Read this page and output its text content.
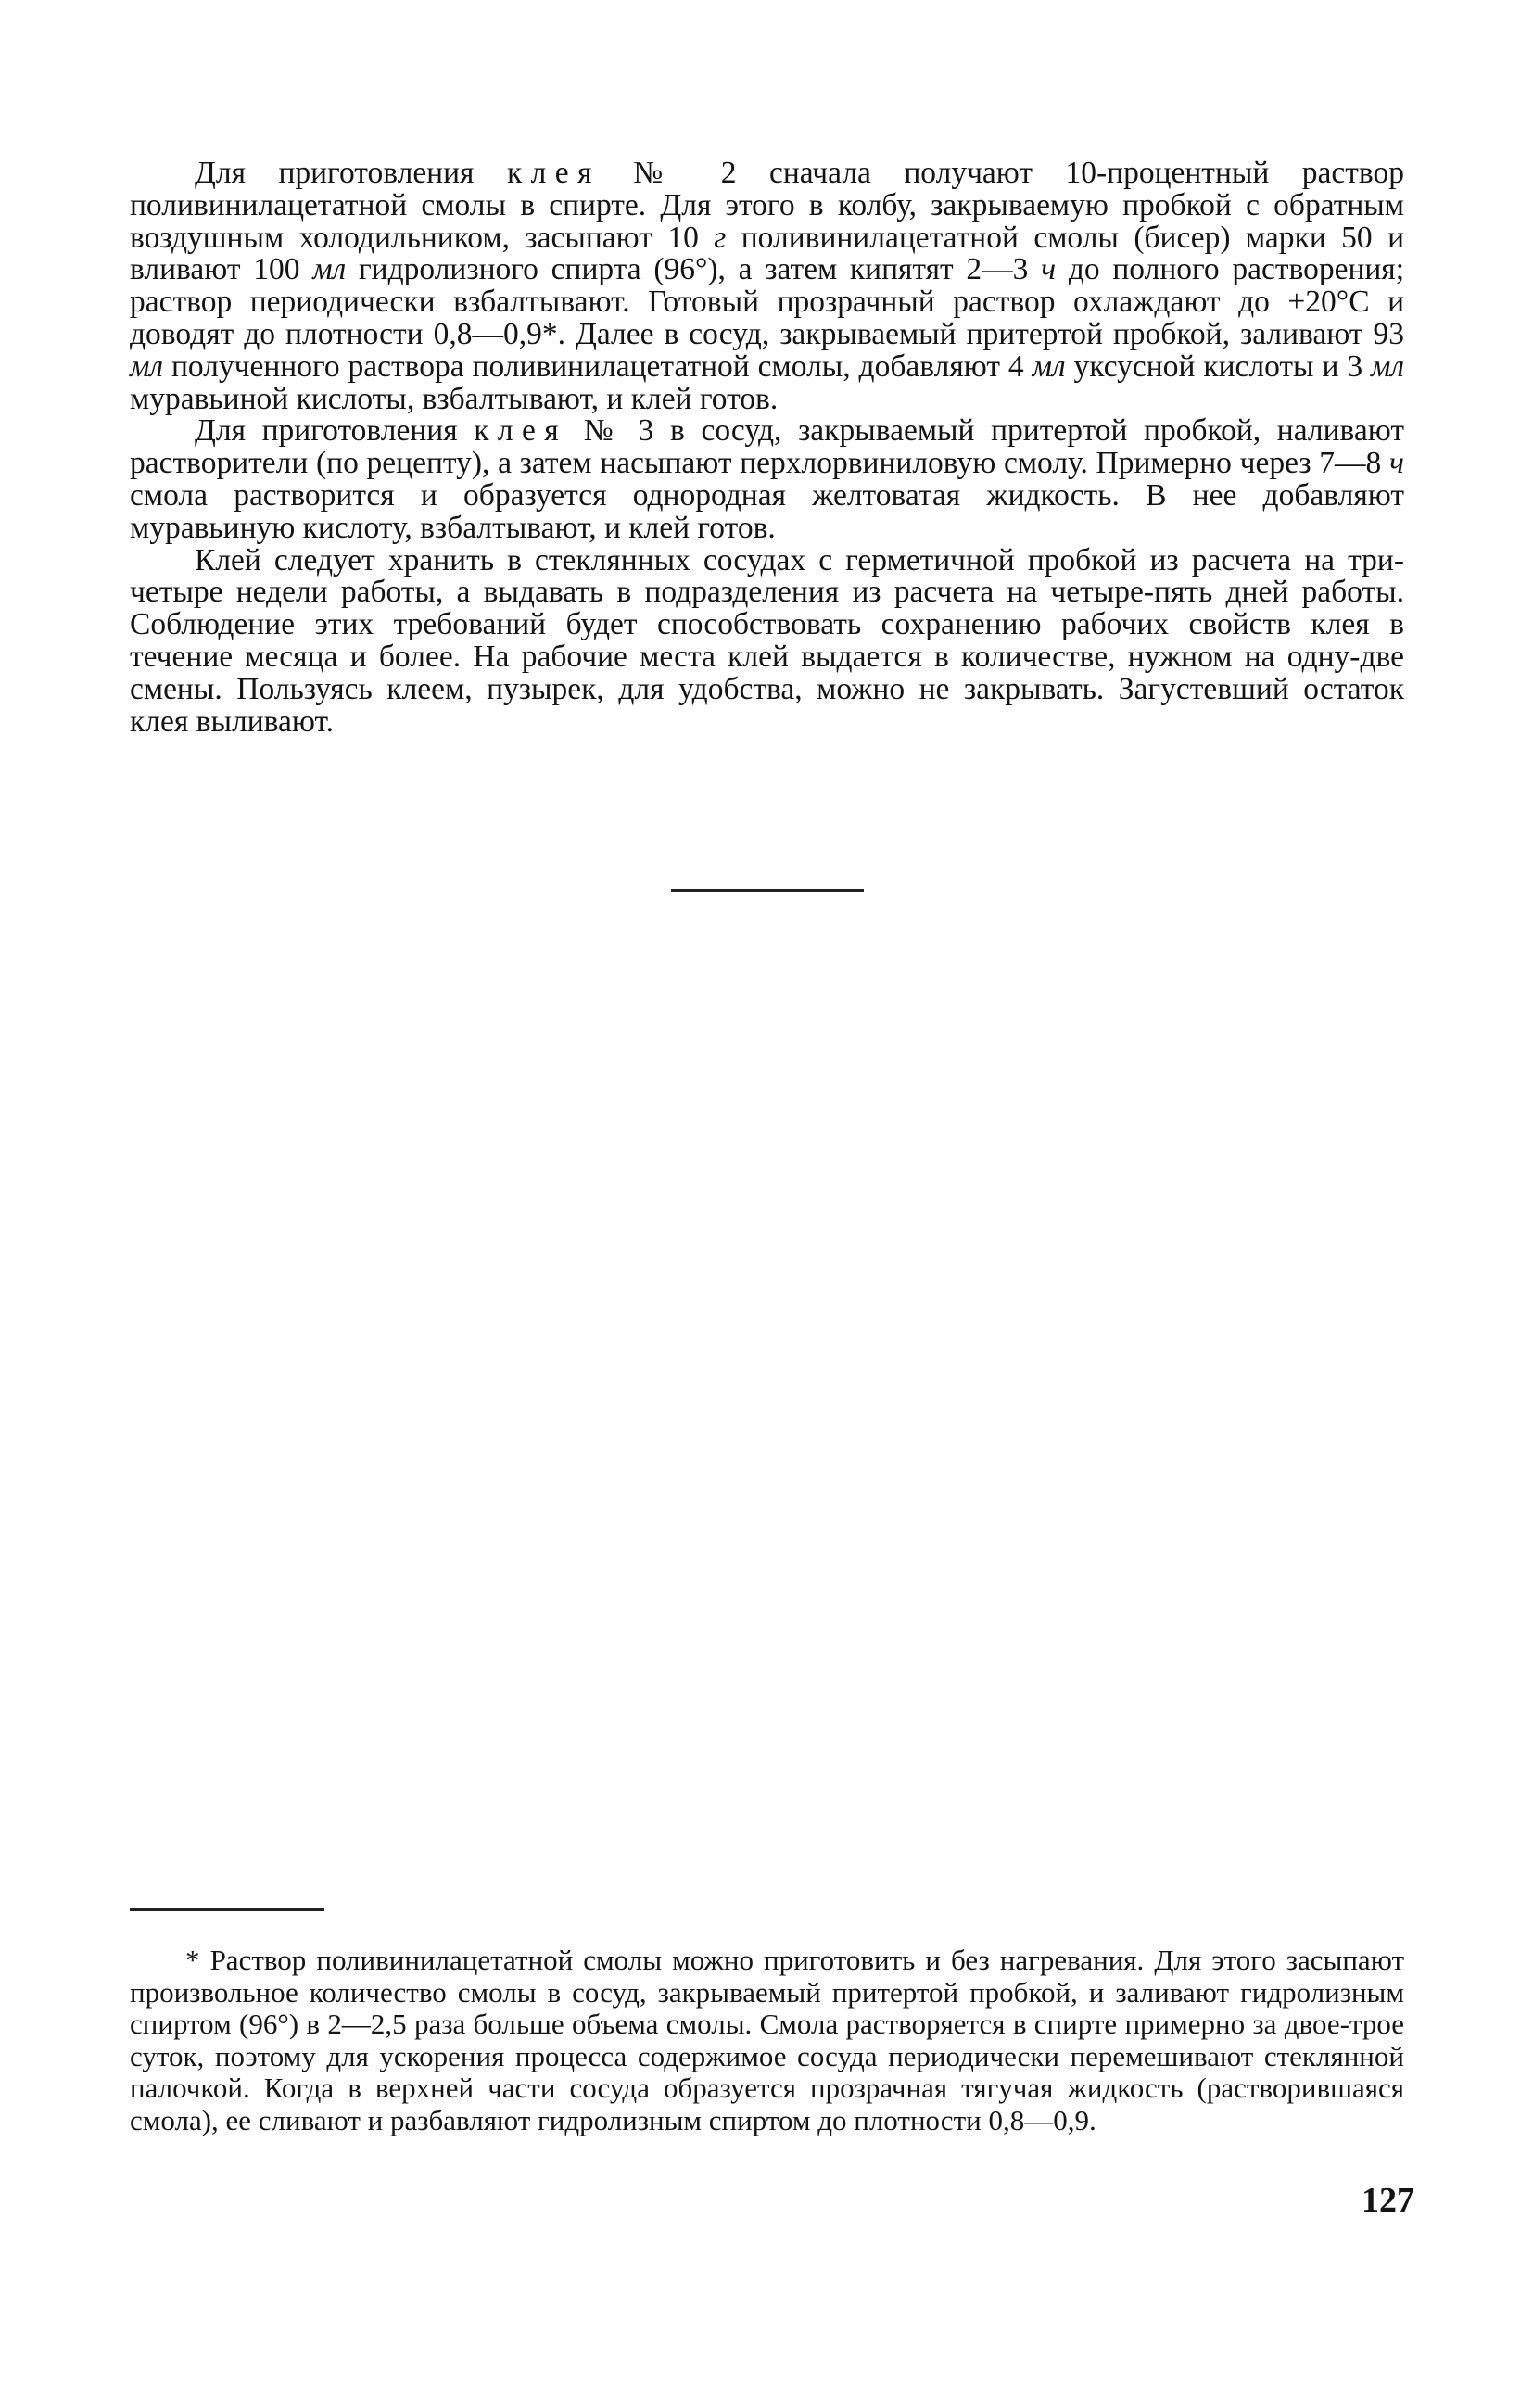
Для приготовления клея № 2 сначала получают 10-процентный раствор поливинилацетатной смолы в спирте. Для этого в колбу, закрываемую пробкой с обратным воздушным холодильником, засыпают 10 г поливинилацетатной смолы (бисер) марки 50 и вливают 100 мл гидролизного спирта (96°), а затем кипятят 2—3 ч до полного растворения; раствор периодически взбалтывают. Готовый прозрачный раствор охлаждают до +20°С и доводят до плотности 0,8—0,9*. Далее в сосуд, закрываемый притертой пробкой, заливают 93 мл полученного раствора поливинилацетатной смолы, добавляют 4 мл уксусной кислоты и 3 мл муравьиной кислоты, взбалтывают, и клей готов.

Для приготовления клея № 3 в сосуд, закрываемый притертой пробкой, наливают растворители (по рецепту), а затем насыпают перхлорвиниловую смолу. Примерно через 7—8 ч смола растворится и образуется однородная желтоватая жидкость. В нее добавляют муравьиную кислоту, взбалтывают, и клей готов.

Клей следует хранить в стеклянных сосудах с герметичной пробкой из расчета на три-четыре недели работы, а выдавать в подразделения из расчета на четыре-пять дней работы. Соблюдение этих требований будет способствовать сохранению рабочих свойств клея в течение месяца и более. На рабочие места клей выдается в количестве, нужном на одну-две смены. Пользуясь клеем, пузырек, для удобства, можно не закрывать. Загустевший остаток клея выливают.

* Раствор поливинилацетатной смолы можно приготовить и без нагревания. Для этого засыпают произвольное количество смолы в сосуд, закрываемый притертой пробкой, и заливают гидролизным спиртом (96°) в 2—2,5 раза больше объема смолы. Смола растворяется в спирте примерно за двое-трое суток, поэтому для ускорения процесса содержимое сосуда периодически перемешивают стеклянной палочкой. Когда в верхней части сосуда образуется прозрачная тягучая жидкость (растворившаяся смола), ее сливают и разбавляют гидролизным спиртом до плотности 0,8—0,9.

127
